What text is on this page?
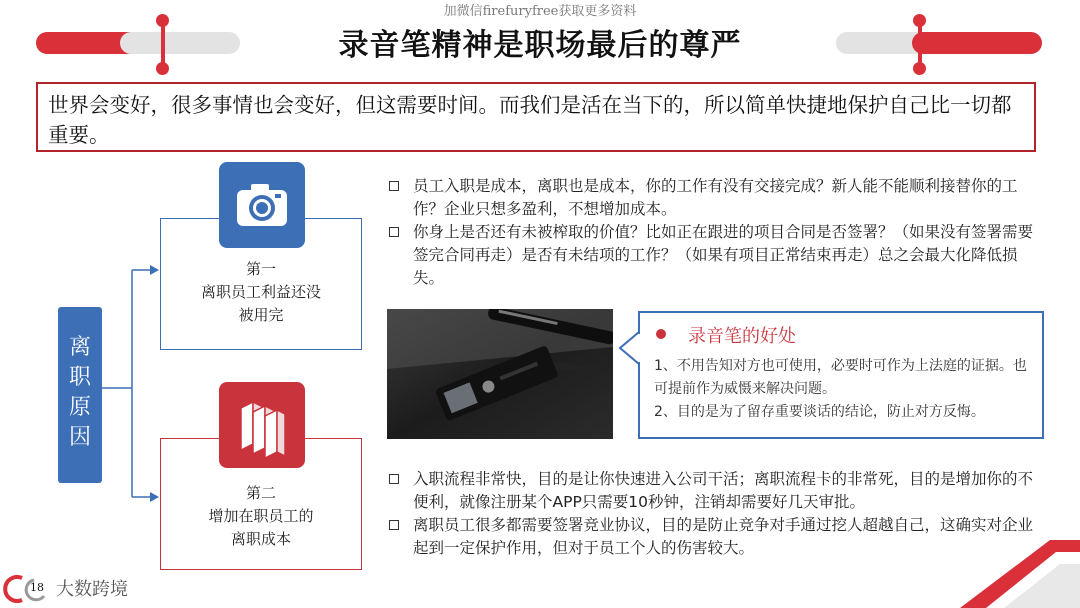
加微信firefuryfree获取更多资料
录音笔精神是职场最后的尊严
世界会变好，很多事情也会变好，但这需要时间。而我们是活在当下的，所以简单快捷地保护自己比一切都重要。
离职原因
第一
离职员工利益还没
被用完
第二
增加在职员工的
离职成本
员工入职是成本，离职也是成本，你的工作有没有交接完成？新人能不能顺利接替你的工作？企业只想多盈利，不想增加成本。
你身上是否还有未被榨取的价值？比如正在跟进的项目合同是否签署？（如果没有签署需要签完合同再走）是否有未结项的工作？（如果有项目正常结束再走）总之会最大化降低损失。
录音笔的好处
1、不用告知对方也可使用，必要时可作为上法庭的证据。也可提前作为威慑来解决问题。
2、目的是为了留存重要谈话的结论，防止对方反悔。
入职流程非常快，目的是让你快速进入公司干活；离职流程卡的非常死，目的是增加你的不便利，就像注册某个APP只需要10秒钟，注销却需要好几天审批。
离职员工很多都需要签署竞业协议，目的是防止竞争对手通过挖人超越自己，这确实对企业起到一定保护作用，但对于员工个人的伤害较大。
18 大数跨境
